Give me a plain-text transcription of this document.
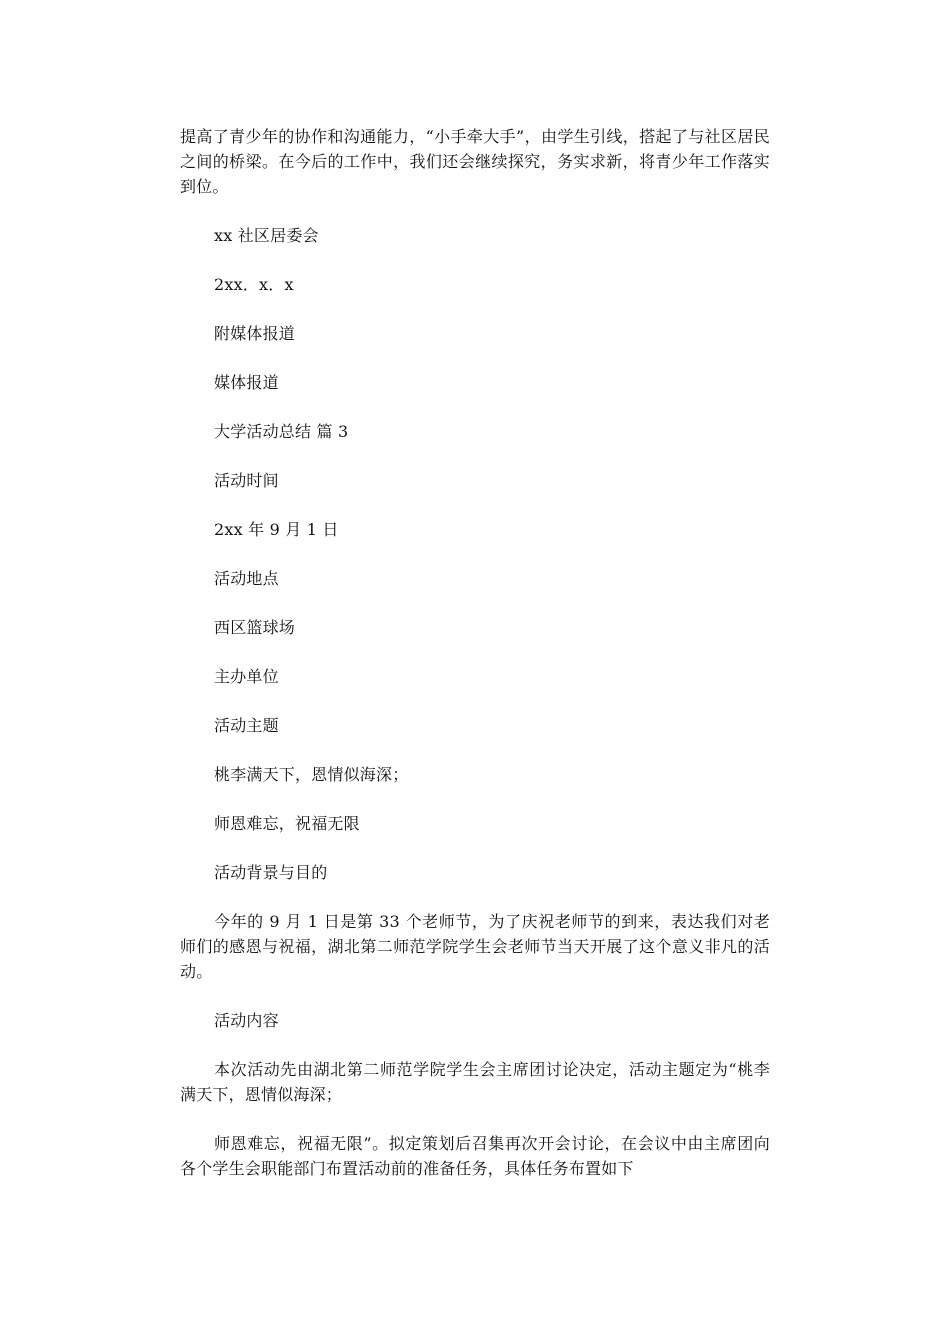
提高了青少年的协作和沟通能力，“小手牵大手”，由学生引线，搭起了与社区居民之间的桥梁。在今后的工作中，我们还会继续探究，务实求新，将青少年工作落实到位。

xx 社区居委会

2xx．x．x

附媒体报道

媒体报道

大学活动总结 篇 3

活动时间

2xx 年 9 月 1 日

活动地点

西区篮球场

主办单位

活动主题

桃李满天下，恩情似海深；

师恩难忘，祝福无限

活动背景与目的

今年的 9 月 1 日是第 33 个老师节，为了庆祝老师节的到来，表达我们对老师们的感恩与祝福，湖北第二师范学院学生会老师节当天开展了这个意义非凡的活动。

活动内容

本次活动先由湖北第二师范学院学生会主席团讨论决定，活动主题定为“桃李满天下，恩情似海深；

师恩难忘，祝福无限”。拟定策划后召集再次开会讨论，在会议中由主席团向各个学生会职能部门布置活动前的准备任务，具体任务布置如下
